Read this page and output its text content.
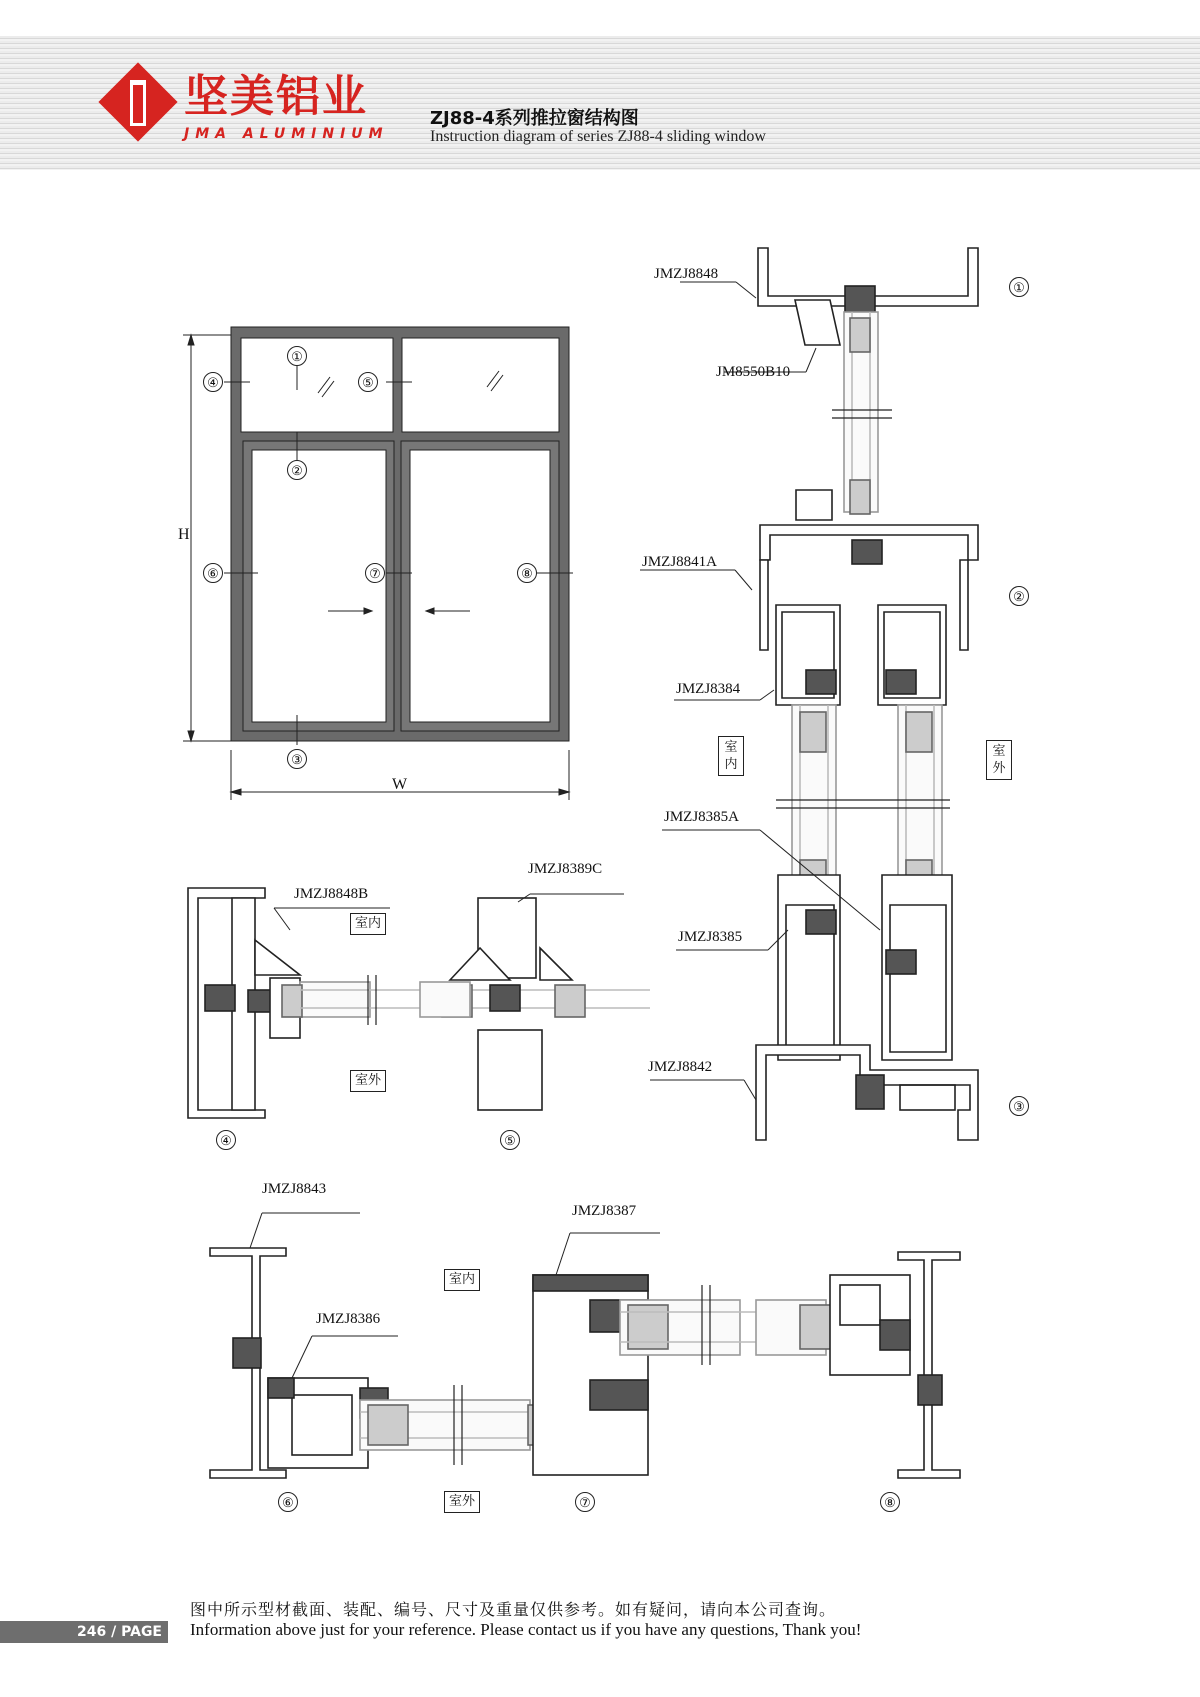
坚美铝业
JMA ALUMINIUM
ZJ88-4系列推拉窗结构图
Instruction diagram of series ZJ88-4 sliding window
H
W
①
②
③
④	⑤
⑥	⑦	⑧
JMZJ8848
JM8550B10
JMZJ8841A
JMZJ8384
JMZJ8385A
JMZJ8385
JMZJ8842
室内
室外
①
②
③
JMZJ8848B
JMZJ8389C
室内
室外
④	⑤
JMZJ8843
JMZJ8387
JMZJ8386
室内
室外
⑥	⑦	⑧
图中所示型材截面、装配、编号、尺寸及重量仅供参考。如有疑问，请向本公司查询。
246 / PAGE	Information above just for your reference. Please contact us if you have any questions, Thank you!
